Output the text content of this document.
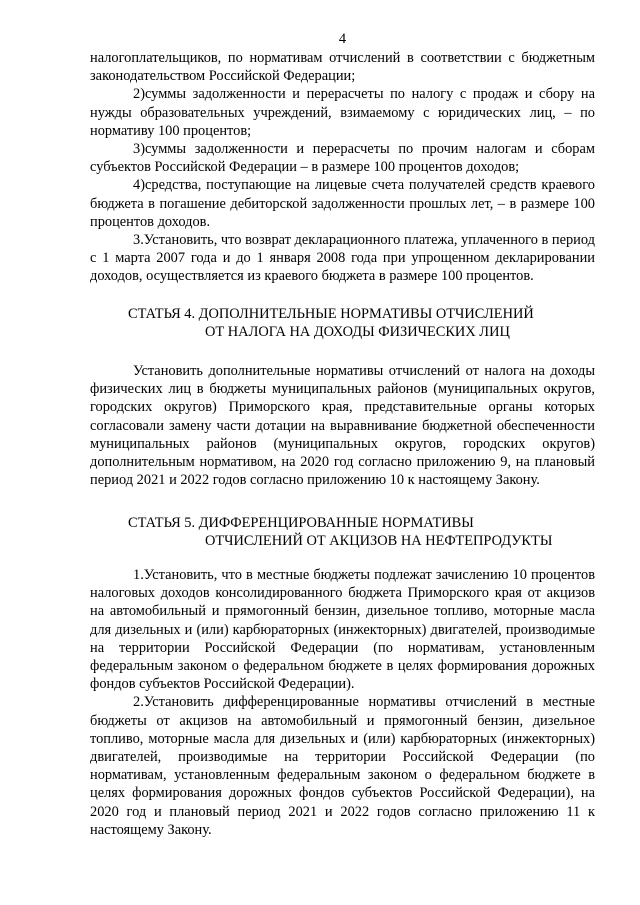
4

налогоплательщиков, по нормативам отчислений в соответствии с бюджетным законодательством Российской Федерации;

2)суммы задолженности и перерасчеты по налогу с продаж и сбору на нужды образовательных учреждений, взимаемому с юридических лиц, – по нормативу 100 процентов;

3)суммы задолженности и перерасчеты по прочим налогам и сборам субъектов Российской Федерации – в размере 100 процентов доходов;

4)средства, поступающие на лицевые счета получателей средств краевого бюджета в погашение дебиторской задолженности прошлых лет, – в размере 100 процентов доходов.

3.Установить, что возврат декларационного платежа, уплаченного в период с 1 марта 2007 года и до 1 января 2008 года при упрощенном декларировании доходов, осуществляется из краевого бюджета в размере 100 процентов.

СТАТЬЯ 4. ДОПОЛНИТЕЛЬНЫЕ НОРМАТИВЫ ОТЧИСЛЕНИЙ
ОТ НАЛОГА НА ДОХОДЫ ФИЗИЧЕСКИХ ЛИЦ

Установить дополнительные нормативы отчислений от налога на доходы физических лиц в бюджеты муниципальных районов (муниципальных округов, городских округов) Приморского края, представительные органы которых согласовали замену части дотации на выравнивание бюджетной обеспеченности муниципальных районов (муниципальных округов, городских округов) дополнительным нормативом, на 2020 год согласно приложению 9, на плановый период 2021 и 2022 годов согласно приложению 10 к настоящему Закону.

СТАТЬЯ 5. ДИФФЕРЕНЦИРОВАННЫЕ НОРМАТИВЫ
ОТЧИСЛЕНИЙ ОТ АКЦИЗОВ НА НЕФТЕПРОДУКТЫ

1.Установить, что в местные бюджеты подлежат зачислению 10 процентов налоговых доходов консолидированного бюджета Приморского края от акцизов на автомобильный и прямогонный бензин, дизельное топливо, моторные масла для дизельных и (или) карбюраторных (инжекторных) двигателей, производимые на территории Российской Федерации (по нормативам, установленным федеральным законом о федеральном бюджете в целях формирования дорожных фондов субъектов Российской Федерации).

2.Установить дифференцированные нормативы отчислений в местные бюджеты от акцизов на автомобильный и прямогонный бензин, дизельное топливо, моторные масла для дизельных и (или) карбюраторных (инжекторных) двигателей, производимые на территории Российской Федерации (по нормативам, установленным федеральным законом о федеральном бюджете в целях формирования дорожных фондов субъектов Российской Федерации), на 2020 год и плановый период 2021 и 2022 годов согласно приложению 11 к настоящему Закону.
